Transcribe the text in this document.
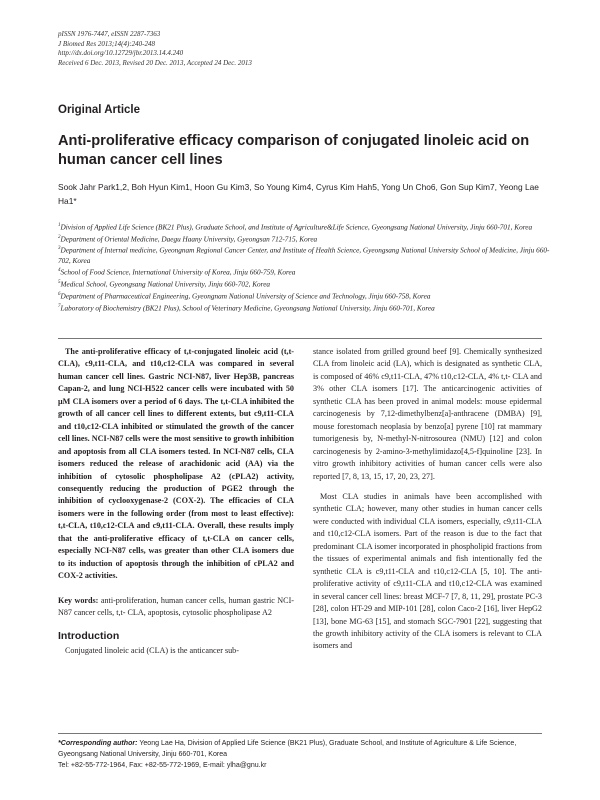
pISSN 1976-7447, eISSN 2287-7363
J Biomed Res 2013;14(4):240-248
http://dx.doi.org/10.12729/jbr.2013.14.4.240
Received 6 Dec. 2013, Revised 20 Dec. 2013, Accepted 24 Dec. 2013
Original Article
Anti-proliferative efficacy comparison of conjugated linoleic acid on human cancer cell lines
Sook Jahr Park1,2, Boh Hyun Kim1, Hoon Gu Kim3, So Young Kim4, Cyrus Kim Hah5, Yong Un Cho6, Gon Sup Kim7, Yeong Lae Ha1*
$^1$Division of Applied Life Science (BK21 Plus), Graduate School, and Institute of Agriculture&Life Science, Gyeongsang National University, Jinju 660-701, Korea
$^2$Department of Oriental Medicine, Daegu Haany University, Gyeongsan 712-715, Korea
$^3$Department of Internal medicine, Gyeongnam Regional Cancer Center, and Institute of Health Science, Gyeongsang National University School of Medicine, Jinju 660-702, Korea
$^4$School of Food Science, International University of Korea, Jinju 660-759, Korea
$^5$Medical School, Gyeongsang National University, Jinju 660-702, Korea
$^6$Department of Pharmaceutical Engineering, Gyeongnam National University of Science and Technology, Jinju 660-758, Korea
$^7$Laboratory of Biochemistry (BK21 Plus), School of Veterinary Medicine, Gyeongsang National University, Jinju 660-701, Korea

The anti-proliferative efficacy of t,t-conjugated linoleic acid (t,t-CLA), c9,t11-CLA, and t10,c12-CLA was compared in several human cancer cell lines. Gastric NCI-N87, liver Hep3B, pancreas Capan-2, and lung NCI-H522 cancer cells were incubated with 50 μM CLA isomers over a period of 6 days. The t,t-CLA inhibited the growth of all cancer cell lines to different extents, but c9,t11-CLA and t10,c12-CLA inhibited or stimulated the growth of the cancer cell lines. NCI-N87 cells were the most sensitive to growth inhibition and apoptosis from all CLA isomers tested. In NCI-N87 cells, CLA isomers reduced the release of arachidonic acid (AA) via the inhibition of cytosolic phospholipase A2 (cPLA2) activity, consequently reducing the production of PGE2 through the inhibition of cyclooxygenase-2 (COX-2). The efficacies of CLA isomers were in the following order (from most to least effective): t,t-CLA, t10,c12-CLA and c9,t11-CLA. Overall, these results imply that the anti-proliferative efficacy of t,t-CLA on cancer cells, especially NCI-N87 cells, was greater than other CLA isomers due to its induction of apoptosis through the inhibition of cPLA2 and COX-2 activities.

Key words: anti-proliferation, human cancer cells, human gastric NCI-N87 cancer cells, t,t- CLA, apoptosis, cytosolic phospholipase A2

Introduction

Conjugated linoleic acid (CLA) is the anticancer sub-

stance isolated from grilled ground beef [9]. Chemically synthesized CLA from linoleic acid (LA), which is designated as synthetic CLA, is composed of 46% c9,t11-CLA, 47% t10,c12-CLA, 4% t,t- CLA and 3% other CLA isomers [17]. The anticarcinogenic activities of synthetic CLA has been proved in animal models: mouse epidermal carcinogenesis by 7,12-dimethylbenz[a]-anthracene (DMBA) [9], mouse forestomach neoplasia by benzo[a] pyrene [10] rat mammary tumorigenesis by, N-methyl-N-nitrosourea (NMU) [12] and colon carcinogenesis by 2-amino-3-methylimidazo[4,5-f]quinoline [23]. In vitro growth inhibitory activities of human cancer cells were also reported [7, 8, 13, 15, 17, 20, 23, 27].

Most CLA studies in animals have been accomplished with synthetic CLA; however, many other studies in human cancer cells were conducted with individual CLA isomers, especially, c9,t11-CLA and t10,c12-CLA isomers. Part of the reason is due to the fact that predominant CLA isomer incorporated in phospholipid fractions from the tissues of experimental animals and fish intentionally fed the synthetic CLA is c9,t11-CLA and t10,c12-CLA [5, 10]. The anti-proliferative activity of c9,t11-CLA and t10,c12-CLA was examined in several cancer cell lines: breast MCF-7 [7, 8, 11, 29], prostate PC-3 [28], colon HT-29 and MIP-101 [28], colon Caco-2 [16], liver HepG2 [13], bone MG-63 [15], and stomach SGC-7901 [22], suggesting that the growth inhibitory activity of the CLA isomers is relevant to CLA isomers and

*Corresponding author: Yeong Lae Ha, Division of Applied Life Science (BK21 Plus), Graduate School, and Institute of Agriculture & Life Science, Gyeongsang National University, Jinju 660-701, Korea
Tel: +82-55-772-1964, Fax: +82-55-772-1969, E-mail: ylha@gnu.kr
